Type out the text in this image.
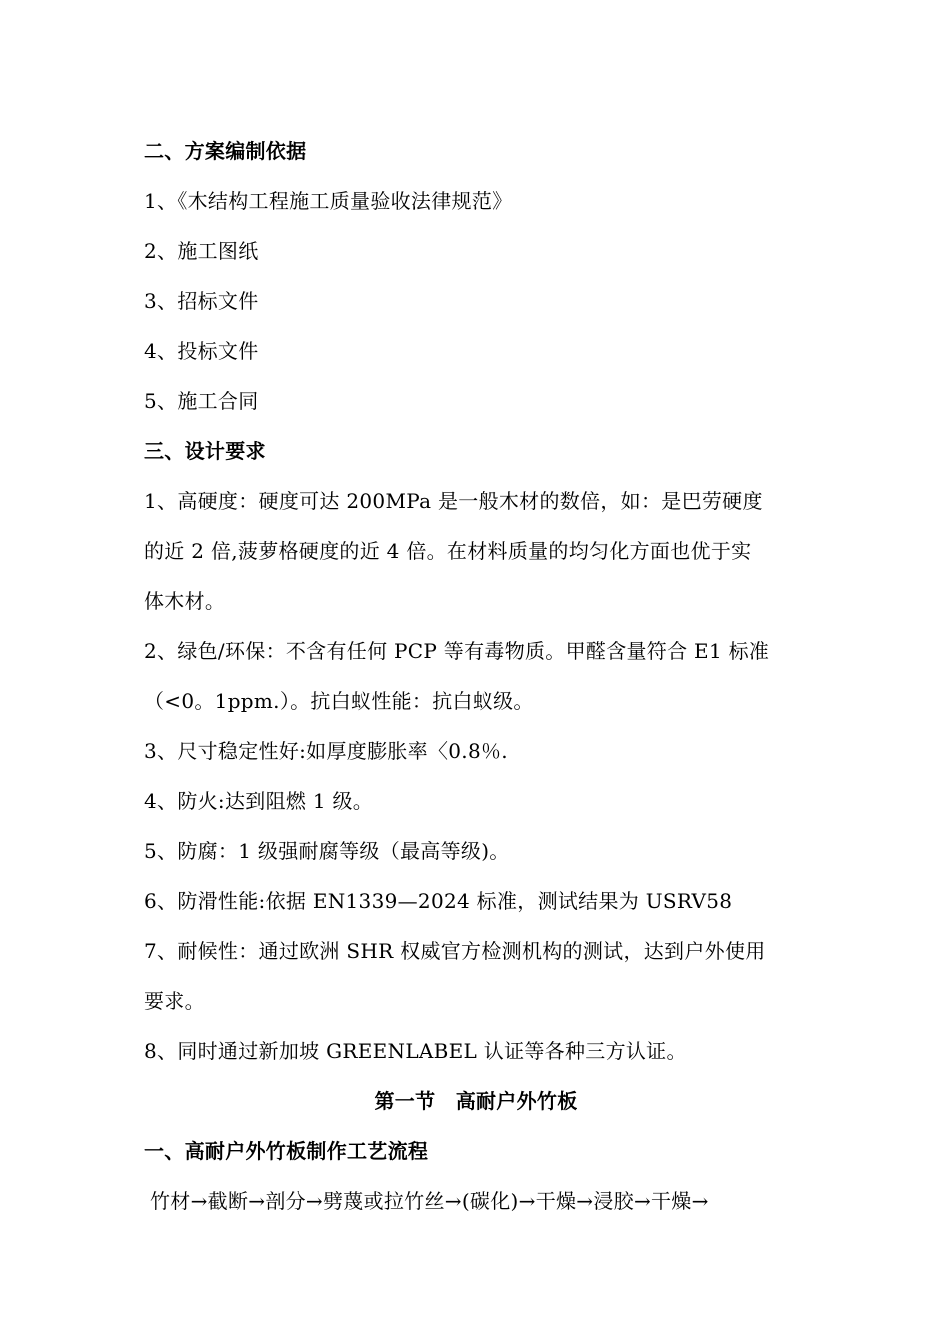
二、方案编制依据
1、《木结构工程施工质量验收法律规范》
2、施工图纸
3、招标文件
4、投标文件
5、施工合同
三、设计要求
1、高硬度：硬度可达 200MPa 是一般木材的数倍，如：是巴劳硬度
的近 2 倍,菠萝格硬度的近 4 倍。在材料质量的均匀化方面也优于实
体木材。
2、绿色/环保：不含有任何 PCP 等有毒物质。甲醛含量符合 E1 标准
（<0。1ppm.）。抗白蚁性能：抗白蚁级。
3、尺寸稳定性好:如厚度膨胀率〈0.8％.
4、防火:达到阻燃 1 级。
5、防腐：1 级强耐腐等级（最高等级)。
6、防滑性能:依据 EN1339—2024 标准，测试结果为 USRV58
7、耐候性：通过欧洲 SHR 权威官方检测机构的测试，达到户外使用
要求。
8、同时通过新加坡 GREENLABEL 认证等各种三方认证。
第一节　高耐户外竹板
一、高耐户外竹板制作工艺流程
竹材→截断→剖分→劈蔑或拉竹丝→(碳化)→干燥→浸胶→干燥→
